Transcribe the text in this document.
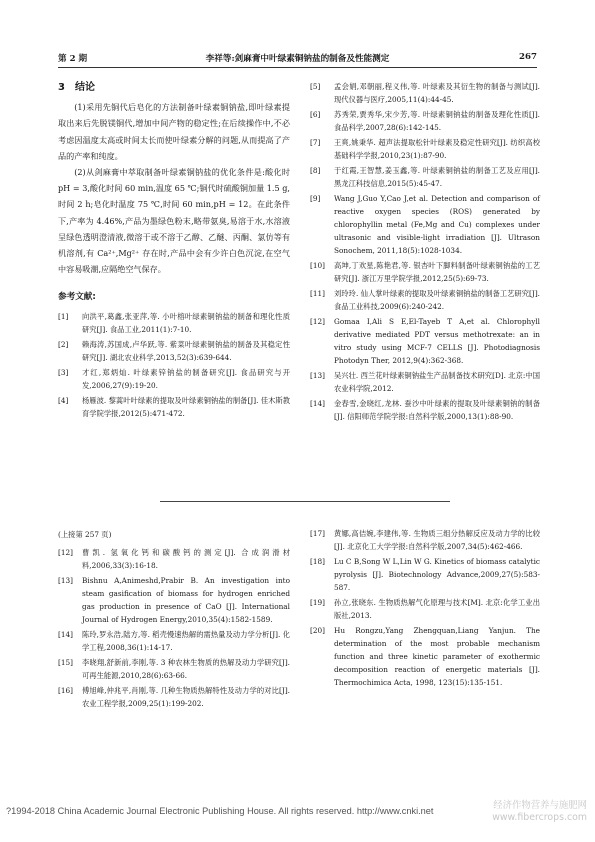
第 2 期	李祥等:剑麻膏中叶绿素铜钠盐的制备及性能测定	267
3　结论

(1)采用先铜代后皂化的方法制备叶绿素铜钠盐,即叶绿素提取出来后先脱镁铜代,增加中间产物的稳定性;在后续操作中,不必考虑因温度太高或时间太长而使叶绿素分解的问题,从而提高了产品的产率和纯度。

(2)从剑麻膏中萃取制备叶绿素铜钠盐的优化条件是:酸化时 pH = 3,酸化时间 60 min,温度 65 ℃;铜代时硫酸铜加量 1.5 g,时间 2 h;皂化时温度 75 ℃,时间 60 min,pH = 12。在此条件下,产率为 4.46%,产品为墨绿色粉末,略带氨臭,易溶于水,水溶液呈绿色透明澄清液,微溶于或不溶于乙醇、乙醚、丙酮、氯仿等有机溶剂,有 Ca²⁺,Mg²⁺ 存在时,产品中会有少许白色沉淀,在空气中容易吸潮,应隔绝空气保存。

参考文献:
[1]	向洪平,葛鑫,张亚萍,等. 小叶榕叶绿素铜钠盐的制备和理化性质研究[J]. 食品工业,2011(1):7-10.
[2]	赖海涛,苏国成,卢华跃,等. 紫菜叶绿素铜钠盐的制备及其稳定性研究[J]. 湖北农业科学,2013,52(3):639-644.
[3]	才红,郑炳灿. 叶绿素锌钠盐的制备研究[J]. 食品研究与开发,2006,27(9):19-20.
[4]	杨雁波. 黎蒿叶叶绿素的提取及叶绿素铜钠盐的制备[J]. 佳木斯教育学院学报,2012(5):471-472.
[5]	孟会娟,邓朝丽,程义伟,等. 叶绿素及其衍生物的制备与测试[J]. 现代仪器与医疗,2005,11(4):44-45.
[6]	苏秀荣,贾秀华,宋少芳,等. 叶绿素铜钠盐的制备及理化性质[J]. 食品科学,2007,28(6):142-145.
[7]	王爽,姚秉华. 超声法提取松针叶绿素及稳定性研究[J]. 纺织高校基础科学学报,2010,23(1):87-90.
[8]	于红霞,王智慧,姜玉鑫,等. 叶绿素铜钠盐的制备工艺及应用[J]. 黑龙江科技信息,2015(5):45-47.
[9]	Wang J,Guo Y,Cao J,et al. Detection and comparison of reactive oxygen species (ROS) generated by chlorophyllin metal (Fe,Mg and Cu) complexes under ultrasonic and visible-light irradiation [J]. Ultrason Sonochem, 2011,18(5):1028-1034.
[10]	高坤,丁欢星,陈艳君,等. 银杏叶下脚料制备叶绿素铜钠盐的工艺研究[J]. 浙江万里学院学报,2012,25(5):69-73.
[11]	刘玲玲. 仙人掌叶绿素的提取及叶绿素铜钠盐的制备工艺研究[J]. 食品工业科技,2009(6):240-242.
[12]	Gomaa I,Ali S E,El-Tayeb T A,et al. Chlorophyll derivative mediated PDT versus methotrexate: an in vitro study using MCF-7 CELLS [J]. Photodiagnosis Photodyn Ther, 2012,9(4):362-368.
[13]	吴兴壮. 西兰花叶绿素铜钠盐生产品制备技术研究[D]. 北京:中国农业科学院,2012.
[14]	金春雪,金晓红,龙林. 蚕沙中叶绿素的提取及叶绿素铜钠的制备[J]. 信阳师范学院学报:自然科学版,2000,13(1):88-90.
(上接第 257 页)
[12]	曹凯. 氢氧化钙和碳酸钙的测定[J]. 合成润滑材料,2006,33(3):16-18.
[13]	Bishnu A,Animeshd,Prabir B. An investigation into steam gasification of biomass for hydrogen enriched gas production in presence of CaO [J]. International Journal of Hydrogen Energy,2010,35(4):1582-1589.
[14]	陈玲,罗永浩,陆方,等. 稻壳慢速热解的需热量及动力学分析[J]. 化学工程,2008,36(1):14-17.
[15]	李晓翔,舒新前,李刚,等. 3 种农林生物质的热解及动力学研究[J]. 可再生能源,2010,28(6):63-66.
[16]	傅旭峰,仲兆平,肖刚,等. 几种生物质热解特性及动力学的对比[J]. 农业工程学报,2009,25(1):199-202.
[17]	黄娜,高佶婉,李建伟,等. 生物质三组分热解反应及动力学的比较[J]. 北京化工大学学报:自然科学版,2007,34(5):462-466.
[18]	Lu C B,Song W L,Lin W G. Kinetics of biomass catalytic pyrolysis [J]. Biotechnology Advance,2009,27(5):583-587.
[19]	孙立,张晓东. 生物质热解气化原理与技术[M]. 北京:化学工业出版社,2013.
[20]	Hu Rongzu,Yang Zhengquan,Liang Yanjun. The determination of the most probable mechanism function and three kinetic parameter of exothermic decomposition reaction of energetic materials [J]. Thermochimica Acta, 1998, 123(15):135-151.
?1994-2018 China Academic Journal Electronic Publishing House. All rights reserved. http://www.cnki.net	经济作物营养与施肥网
www.fibercrops.com
